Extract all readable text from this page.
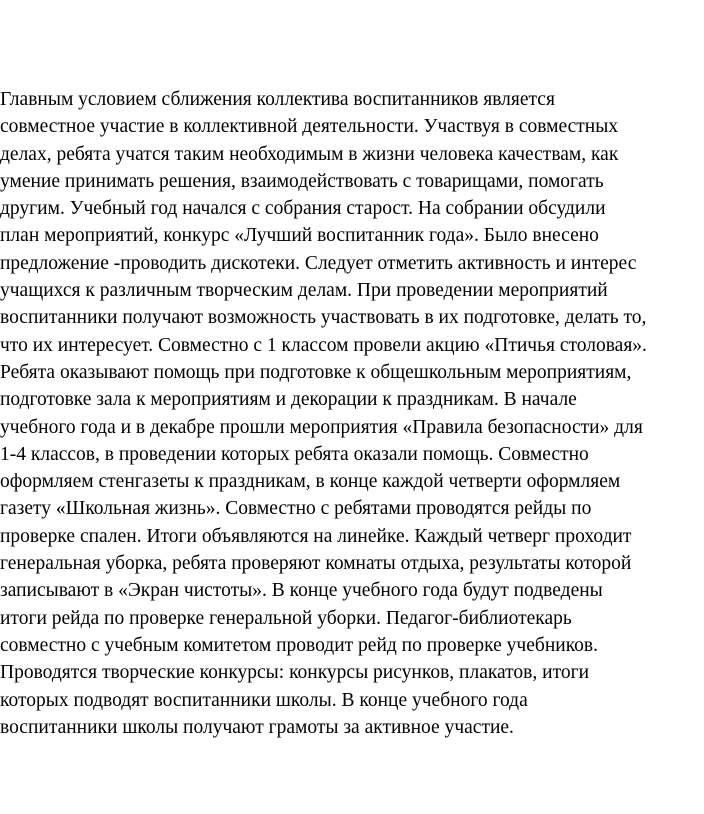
Главным условием сближения коллектива воспитанников является
совместное участие в коллективной деятельности. Участвуя в совместных
делах, ребята учатся таким необходимым в жизни человека качествам, как
умение принимать решения, взаимодействовать с товарищами, помогать
другим. Учебный год начался с собрания старост. На собрании обсудили
план мероприятий, конкурс «Лучший воспитанник года». Было внесено
предложение -проводить дискотеки. Следует отметить активность и интерес
учащихся к различным творческим делам. При проведении мероприятий
воспитанники получают возможность участвовать в их подготовке, делать то,
что их интересует. Совместно с 1 классом провели акцию «Птичья столовая».
Ребята оказывают помощь при подготовке к общешкольным мероприятиям,
подготовке зала к мероприятиям и декорации к праздникам. В начале
учебного года и в декабре прошли мероприятия «Правила безопасности» для
1-4 классов, в проведении которых ребята оказали помощь. Совместно
оформляем стенгазеты к праздникам, в конце каждой четверти оформляем
газету «Школьная жизнь». Совместно с ребятами проводятся рейды по
проверке спален. Итоги объявляются на линейке. Каждый четверг проходит
генеральная уборка, ребята проверяют комнаты отдыха, результаты которой
записывают в «Экран чистоты». В конце учебного года будут подведены
итоги рейда по проверке генеральной уборки. Педагог-библиотекарь
совместно с учебным комитетом проводит рейд по проверке учебников.
Проводятся творческие конкурсы: конкурсы рисунков, плакатов, итоги
которых подводят воспитанники школы. В конце учебного года
воспитанники школы получают грамоты за активное участие.
